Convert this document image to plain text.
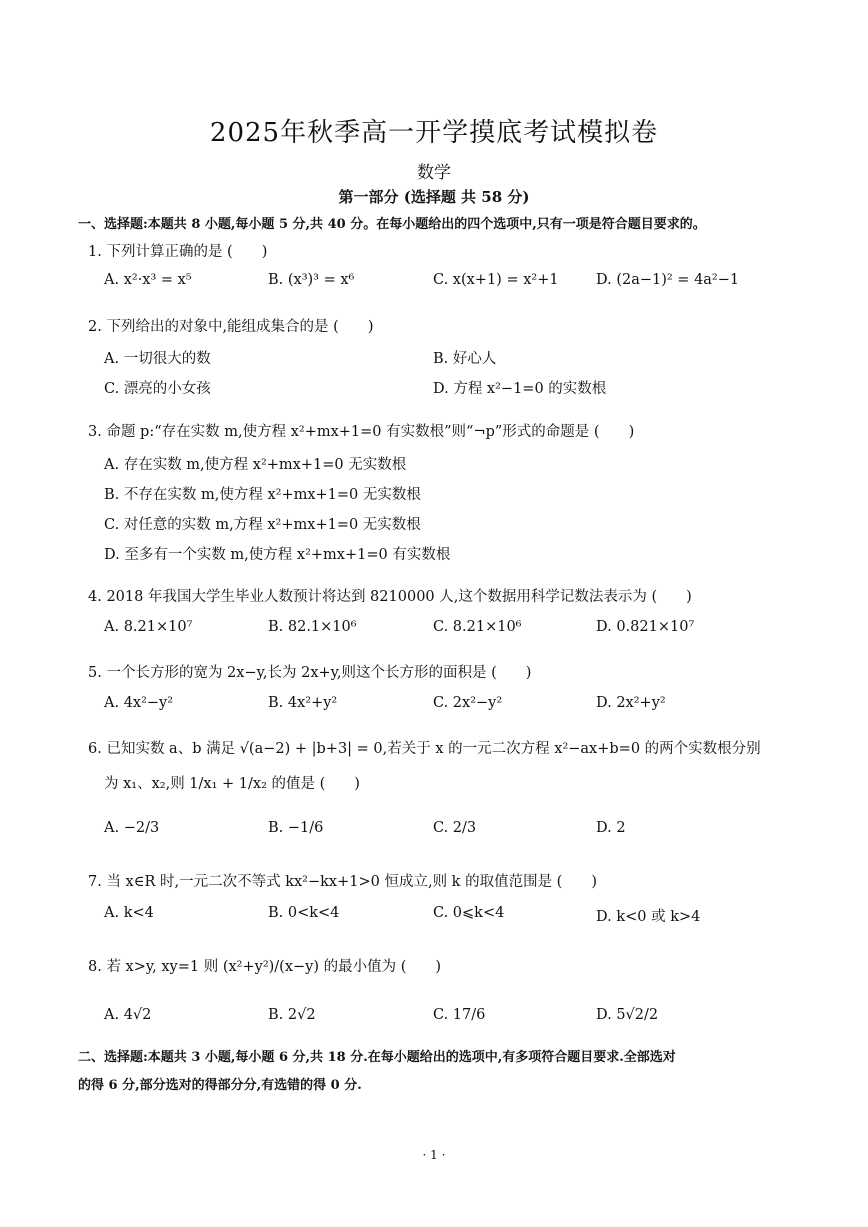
2025年秋季高一开学摸底考试模拟卷
数学
第一部分 (选择题 共 58 分)
一、选择题:本题共 8 小题,每小题 5 分,共 40 分。在每小题给出的四个选项中,只有一项是符合题目要求的。
1. 下列计算正确的是 (　　)
A. x²·x³ = x⁵	B. (x³)³ = x⁶	C. x(x+1) = x²+1	D. (2a−1)² = 4a²−1
2. 下列给出的对象中,能组成集合的是 (　　)
A. 一切很大的数	B. 好心人
C. 漂亮的小女孩	D. 方程 x²−1=0 的实数根
3. 命题 p:“存在实数 m,使方程 x²+mx+1=0 有实数根”则“¬p”形式的命题是 (　　)
A. 存在实数 m,使方程 x²+mx+1=0 无实数根
B. 不存在实数 m,使方程 x²+mx+1=0 无实数根
C. 对任意的实数 m,方程 x²+mx+1=0 无实数根
D. 至多有一个实数 m,使方程 x²+mx+1=0 有实数根
4. 2018 年我国大学生毕业人数预计将达到 8210000 人,这个数据用科学记数法表示为 (　　)
A. 8.21×10⁷	B. 82.1×10⁶	C. 8.21×10⁶	D. 0.821×10⁷
5. 一个长方形的宽为 2x−y,长为 2x+y,则这个长方形的面积是 (　　)
A. 4x²−y²	B. 4x²+y²	C. 2x²−y²	D. 2x²+y²
6. 已知实数 a、b 满足 √(a−2) + |b+3| = 0,若关于 x 的一元二次方程 x²−ax+b=0 的两个实数根分别
为 x₁、x₂,则 1/x₁ + 1/x₂ 的值是 (　　)
A. −2/3	B. −1/6	C. 2/3	D. 2
7. 当 x∈R 时,一元二次不等式 kx²−kx+1>0 恒成立,则 k 的取值范围是 (　　)
A. k<4	B. 0<k<4	C. 0⩽k<4	D. k<0 或 k>4
8. 若 x>y, xy=1 则 (x²+y²)/(x−y) 的最小值为 (　　)
A. 4√2	B. 2√2	C. 17/6	D. 5√2/2
二、选择题:本题共 3 小题,每小题 6 分,共 18 分.在每小题给出的选项中,有多项符合题目要求.全部选对
的得 6 分,部分选对的得部分分,有选错的得 0 分.
· 1 ·
